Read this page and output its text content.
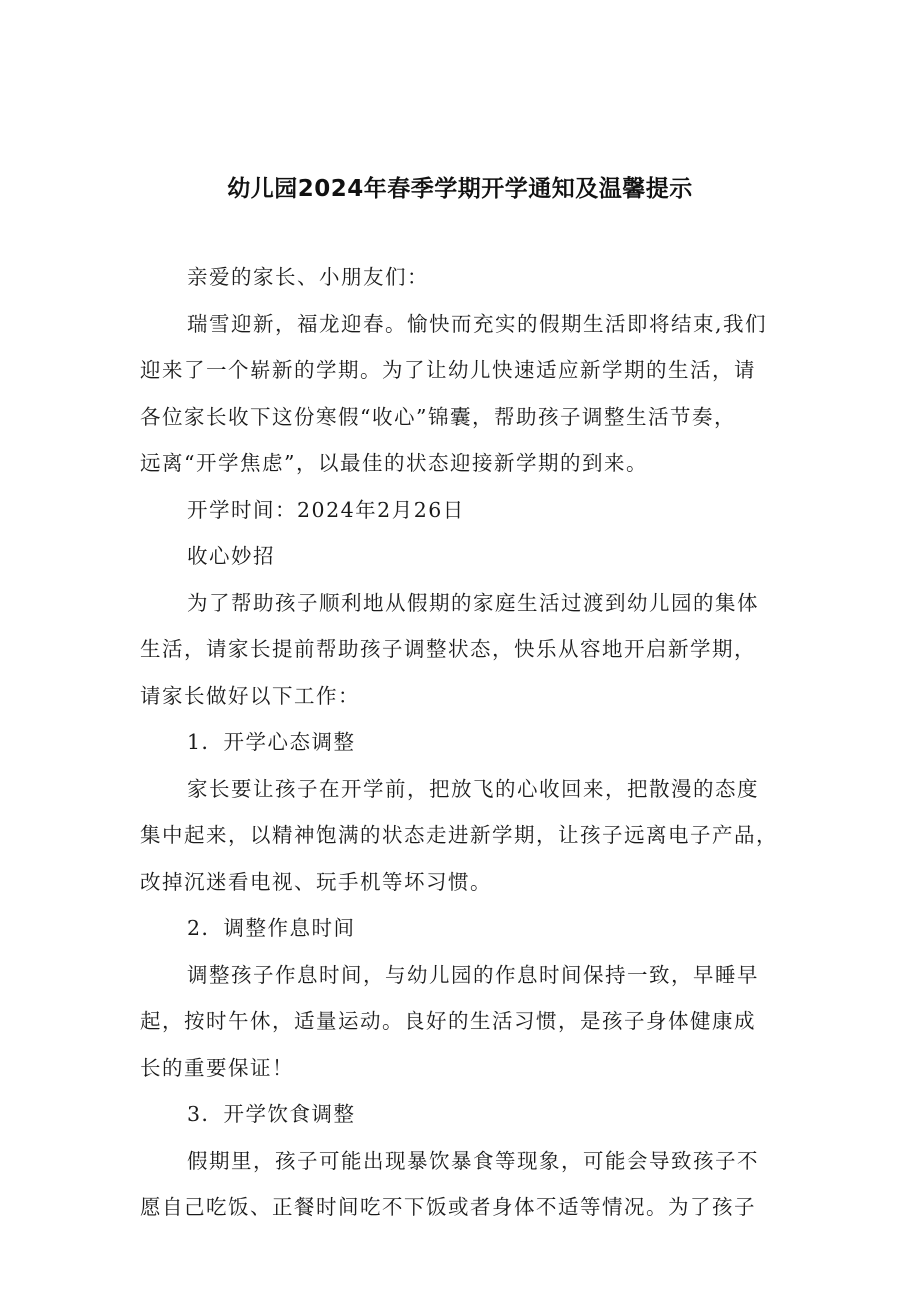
幼儿园2024年春季学期开学通知及温馨提示
亲爱的家长、小朋友们：
瑞雪迎新，福龙迎春。愉快而充实的假期生活即将结束,我们
迎来了一个崭新的学期。为了让幼儿快速适应新学期的生活，请
各位家长收下这份寒假“收心”锦囊，帮助孩子调整生活节奏，
远离“开学焦虑”，以最佳的状态迎接新学期的到来。
开学时间：2024年2月26日
收心妙招
为了帮助孩子顺利地从假期的家庭生活过渡到幼儿园的集体
生活，请家长提前帮助孩子调整状态，快乐从容地开启新学期，
请家长做好以下工作：
1．开学心态调整
家长要让孩子在开学前，把放飞的心收回来，把散漫的态度
集中起来，以精神饱满的状态走进新学期，让孩子远离电子产品，
改掉沉迷看电视、玩手机等坏习惯。
2．调整作息时间
调整孩子作息时间，与幼儿园的作息时间保持一致，早睡早
起，按时午休，适量运动。良好的生活习惯，是孩子身体健康成
长的重要保证！
3．开学饮食调整
假期里，孩子可能出现暴饮暴食等现象，可能会导致孩子不
愿自己吃饭、正餐时间吃不下饭或者身体不适等情况。为了孩子
